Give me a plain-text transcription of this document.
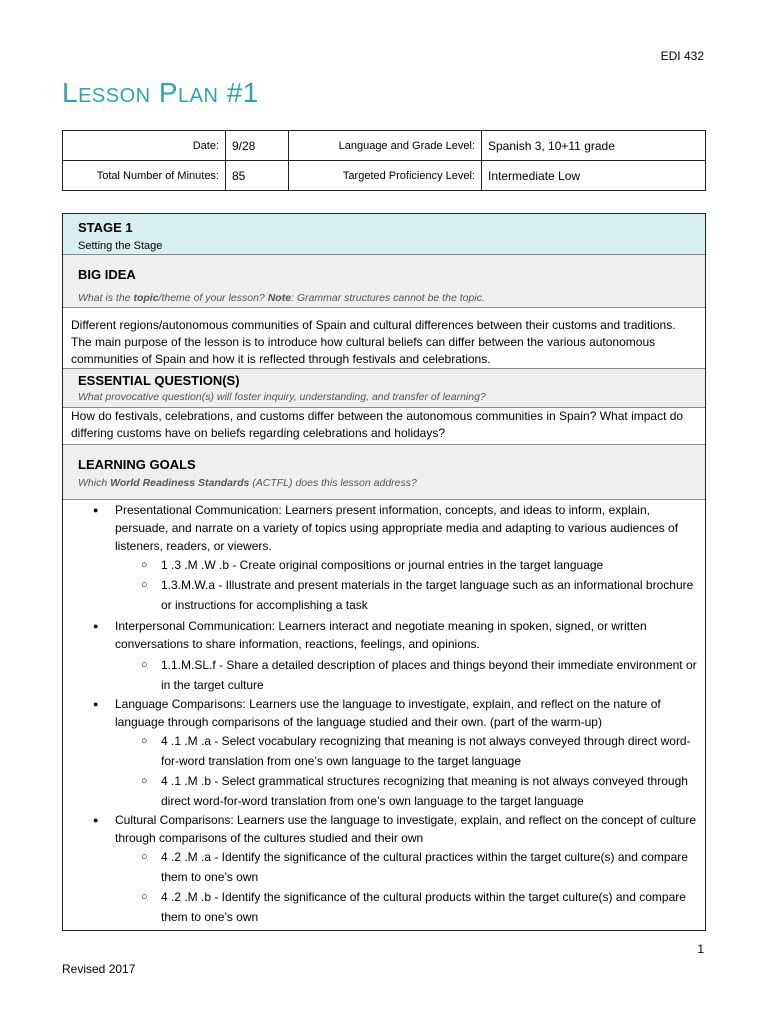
EDI 432
Lesson Plan #1
Date:	9/28	Language and Grade Level:	Spanish 3, 10+11 grade
Total Number of Minutes:	85	Targeted Proficiency Level:	Intermediate Low
STAGE 1
Setting the Stage
BIG IDEA
What is the topic/theme of your lesson? Note: Grammar structures cannot be the topic.
Different regions/autonomous communities of Spain and cultural differences between their customs and traditions. The main purpose of the lesson is to introduce how cultural beliefs can differ between the various autonomous communities of Spain and how it is reflected through festivals and celebrations.
ESSENTIAL QUESTION(S)
What provocative question(s) will foster inquiry, understanding, and transfer of learning?
How do festivals, celebrations, and customs differ between the autonomous communities in Spain? What impact do differing customs have on beliefs regarding celebrations and holidays?
LEARNING GOALS
Which World Readiness Standards (ACTFL) does this lesson address?
● Presentational Communication: Learners present information, concepts, and ideas to inform, explain, persuade, and narrate on a variety of topics using appropriate media and adapting to various audiences of listeners, readers, or viewers.
○ 1 .3 .M .W .b - Create original compositions or journal entries in the target language
○ 1.3.M.W.a - Illustrate and present materials in the target language such as an informational brochure or instructions for accomplishing a task
● Interpersonal Communication: Learners interact and negotiate meaning in spoken, signed, or written conversations to share information, reactions, feelings, and opinions.
○ 1.1.M.SL.f - Share a detailed description of places and things beyond their immediate environment or in the target culture
● Language Comparisons: Learners use the language to investigate, explain, and reflect on the nature of language through comparisons of the language studied and their own. (part of the warm-up)
○ 4 .1 .M .a - Select vocabulary recognizing that meaning is not always conveyed through direct word-for-word translation from one’s own language to the target language
○ 4 .1 .M .b - Select grammatical structures recognizing that meaning is not always conveyed through direct word-for-word translation from one’s own language to the target language
● Cultural Comparisons: Learners use the language to investigate, explain, and reflect on the concept of culture through comparisons of the cultures studied and their own
○ 4 .2 .M .a - Identify the significance of the cultural practices within the target culture(s) and compare them to one’s own
○ 4 .2 .M .b - Identify the significance of the cultural products within the target culture(s) and compare them to one’s own
1
Revised 2017
